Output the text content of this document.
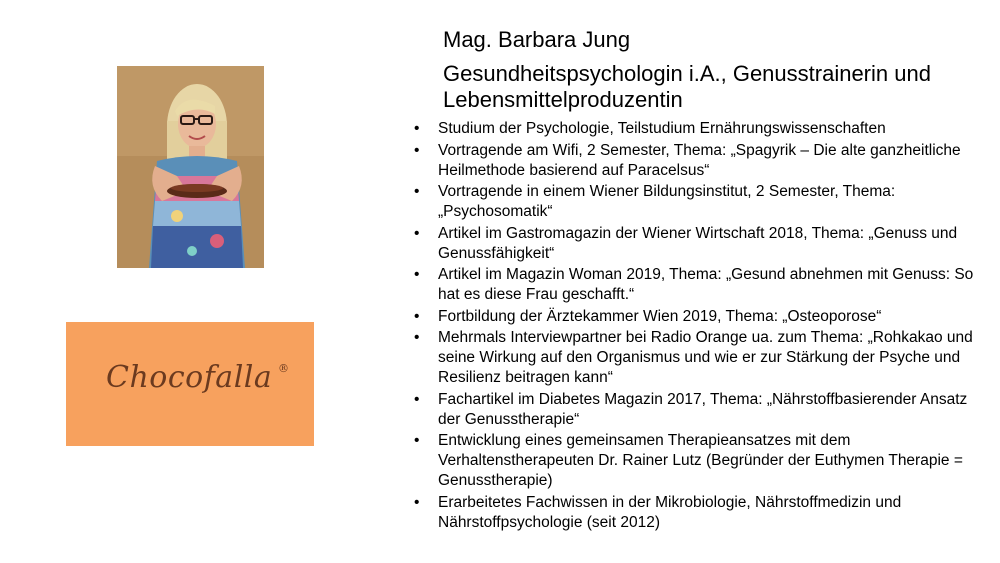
Chocofalla ®
Mag. Barbara Jung
Gesundheitspsychologin i.A., Genusstrainerin und Lebensmittelproduzentin
• Studium der Psychologie, Teilstudium Ernährungswissenschaften
• Vortragende am Wifi, 2 Semester, Thema: „Spagyrik – Die alte ganzheitliche Heilmethode basierend auf Paracelsus“
• Vortragende in einem Wiener Bildungsinstitut, 2 Semester, Thema: „Psychosomatik“
• Artikel im Gastromagazin der Wiener Wirtschaft 2018, Thema: „Genuss und Genussfähigkeit“
• Artikel im Magazin Woman 2019, Thema: „Gesund abnehmen mit Genuss: So hat es diese Frau geschafft.“
• Fortbildung der Ärztekammer Wien 2019, Thema: „Osteoporose“
• Mehrmals Interviewpartner bei Radio Orange ua. zum Thema: „Rohkakao und seine Wirkung auf den Organismus und wie er zur Stärkung der Psyche und Resilienz beitragen kann“
• Fachartikel im Diabetes Magazin 2017, Thema: „Nährstoffbasierender Ansatz der Genusstherapie“
• Entwicklung eines gemeinsamen Therapieansatzes mit dem Verhaltenstherapeuten Dr. Rainer Lutz (Begründer der Euthymen Therapie = Genusstherapie)
• Erarbeitetes Fachwissen in der Mikrobiologie, Nährstoffmedizin und Nährstoffpsychologie (seit 2012)
